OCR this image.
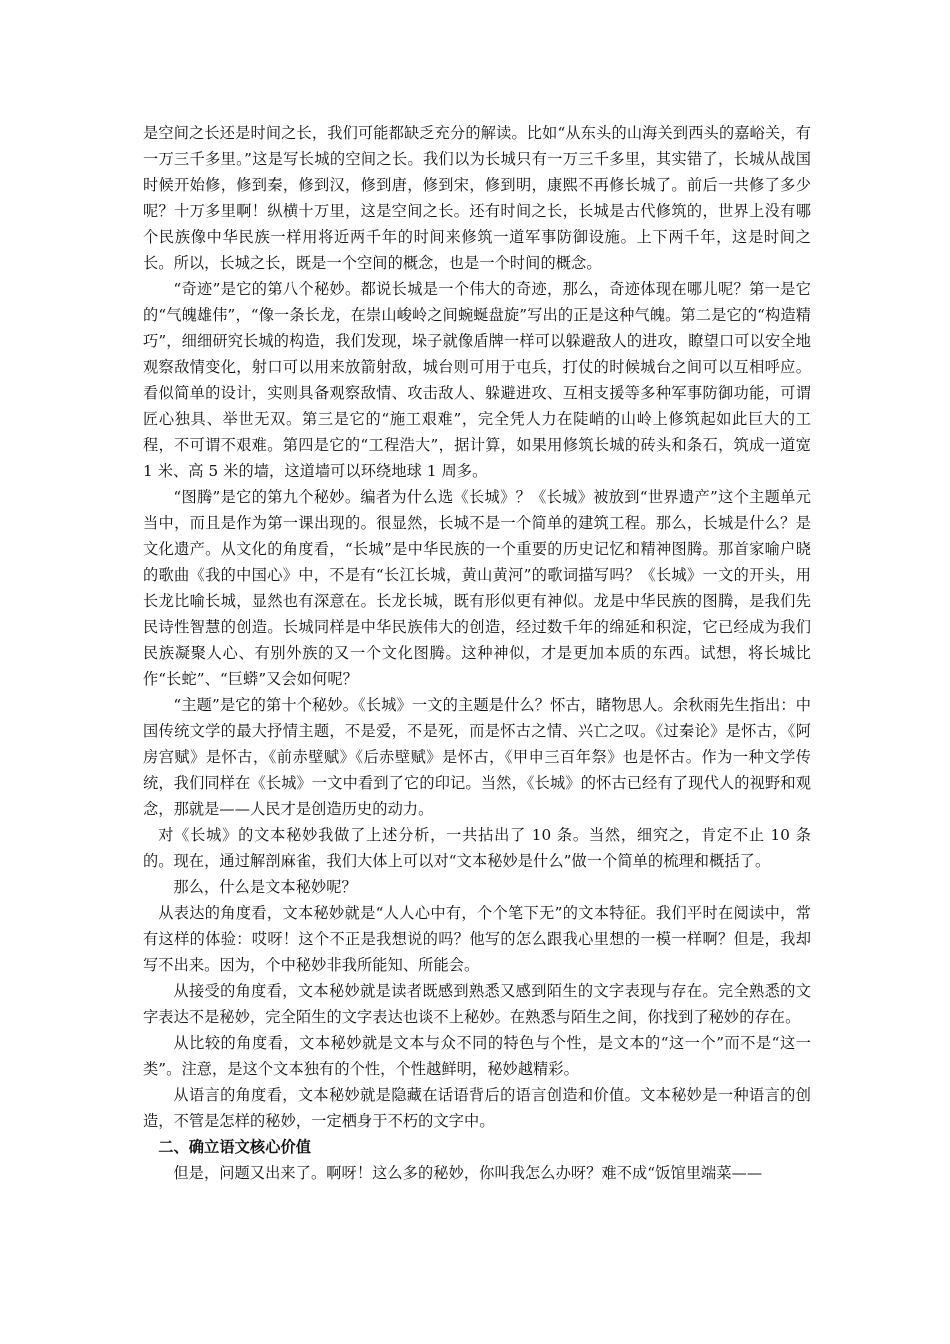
是空间之长还是时间之长，我们可能都缺乏充分的解读。比如“从东头的山海关到西头的嘉峪关，有一万三千多里。”这是写长城的空间之长。我们以为长城只有一万三千多里，其实错了，长城从战国时候开始修，修到秦，修到汉，修到唐，修到宋，修到明，康熙不再修长城了。前后一共修了多少呢？十万多里啊！纵横十万里，这是空间之长。还有时间之长，长城是古代修筑的，世界上没有哪个民族像中华民族一样用将近两千年的时间来修筑一道军事防御设施。上下两千年，这是时间之长。所以，长城之长，既是一个空间的概念，也是一个时间的概念。

“奇迹”是它的第八个秘妙。都说长城是一个伟大的奇迹，那么，奇迹体现在哪儿呢？第一是它的“气魄雄伟”，“像一条长龙，在崇山峻岭之间蜿蜒盘旋”写出的正是这种气魄。第二是它的“构造精巧”，细细研究长城的构造，我们发现，垛子就像盾牌一样可以躲避敌人的进攻，瞭望口可以安全地观察敌情变化，射口可以用来放箭射敌，城台则可用于屯兵，打仗的时候城台之间可以互相呼应。看似简单的设计，实则具备观察敌情、攻击敌人、躲避进攻、互相支援等多种军事防御功能，可谓匠心独具、举世无双。第三是它的“施工艰难”，完全凭人力在陡峭的山岭上修筑起如此巨大的工程，不可谓不艰难。第四是它的“工程浩大”，据计算，如果用修筑长城的砖头和条石，筑成一道宽 1 米、高 5 米的墙，这道墙可以环绕地球 1 周多。

“图腾”是它的第九个秘妙。编者为什么选《长城》？《长城》被放到“世界遗产”这个主题单元当中，而且是作为第一课出现的。很显然，长城不是一个简单的建筑工程。那么，长城是什么？是文化遗产。从文化的角度看，“长城”是中华民族的一个重要的历史记忆和精神图腾。那首家喻户晓的歌曲《我的中国心》中，不是有“长江长城，黄山黄河”的歌词描写吗？《长城》一文的开头，用长龙比喻长城，显然也有深意在。长龙长城，既有形似更有神似。龙是中华民族的图腾，是我们先民诗性智慧的创造。长城同样是中华民族伟大的创造，经过数千年的绵延和积淀，它已经成为我们民族凝聚人心、有别外族的又一个文化图腾。这种神似，才是更加本质的东西。试想，将长城比作“长蛇”、“巨蟒”又会如何呢？

“主题”是它的第十个秘妙。《长城》一文的主题是什么？怀古，睹物思人。余秋雨先生指出：中国传统文学的最大抒情主题，不是爱，不是死，而是怀古之情、兴亡之叹。《过秦论》是怀古，《阿房宫赋》是怀古，《前赤壁赋》《后赤壁赋》是怀古，《甲申三百年祭》也是怀古。作为一种文学传统，我们同样在《长城》一文中看到了它的印记。当然，《长城》的怀古已经有了现代人的视野和观念，那就是——人民才是创造历史的动力。

对《长城》的文本秘妙我做了上述分析，一共拈出了 10 条。当然，细究之，肯定不止 10 条的。现在，通过解剖麻雀，我们大体上可以对“文本秘妙是什么”做一个简单的梳理和概括了。

那么，什么是文本秘妙呢？

从表达的角度看，文本秘妙就是“人人心中有，个个笔下无”的文本特征。我们平时在阅读中，常有这样的体验：哎呀！这个不正是我想说的吗？他写的怎么跟我心里想的一模一样啊？但是，我却写不出来。因为，个中秘妙非我所能知、所能会。

从接受的角度看，文本秘妙就是读者既感到熟悉又感到陌生的文字表现与存在。完全熟悉的文字表达不是秘妙，完全陌生的文字表达也谈不上秘妙。在熟悉与陌生之间，你找到了秘妙的存在。

从比较的角度看，文本秘妙就是文本与众不同的特色与个性，是文本的“这一个”而不是“这一类”。注意，是这个文本独有的个性，个性越鲜明，秘妙越精彩。

从语言的角度看，文本秘妙就是隐藏在话语背后的语言创造和价值。文本秘妙是一种语言的创造，不管是怎样的秘妙，一定栖身于不朽的文字中。

二、确立语文核心价值

但是，问题又出来了。啊呀！这么多的秘妙，你叫我怎么办呀？难不成“饭馆里端菜——
